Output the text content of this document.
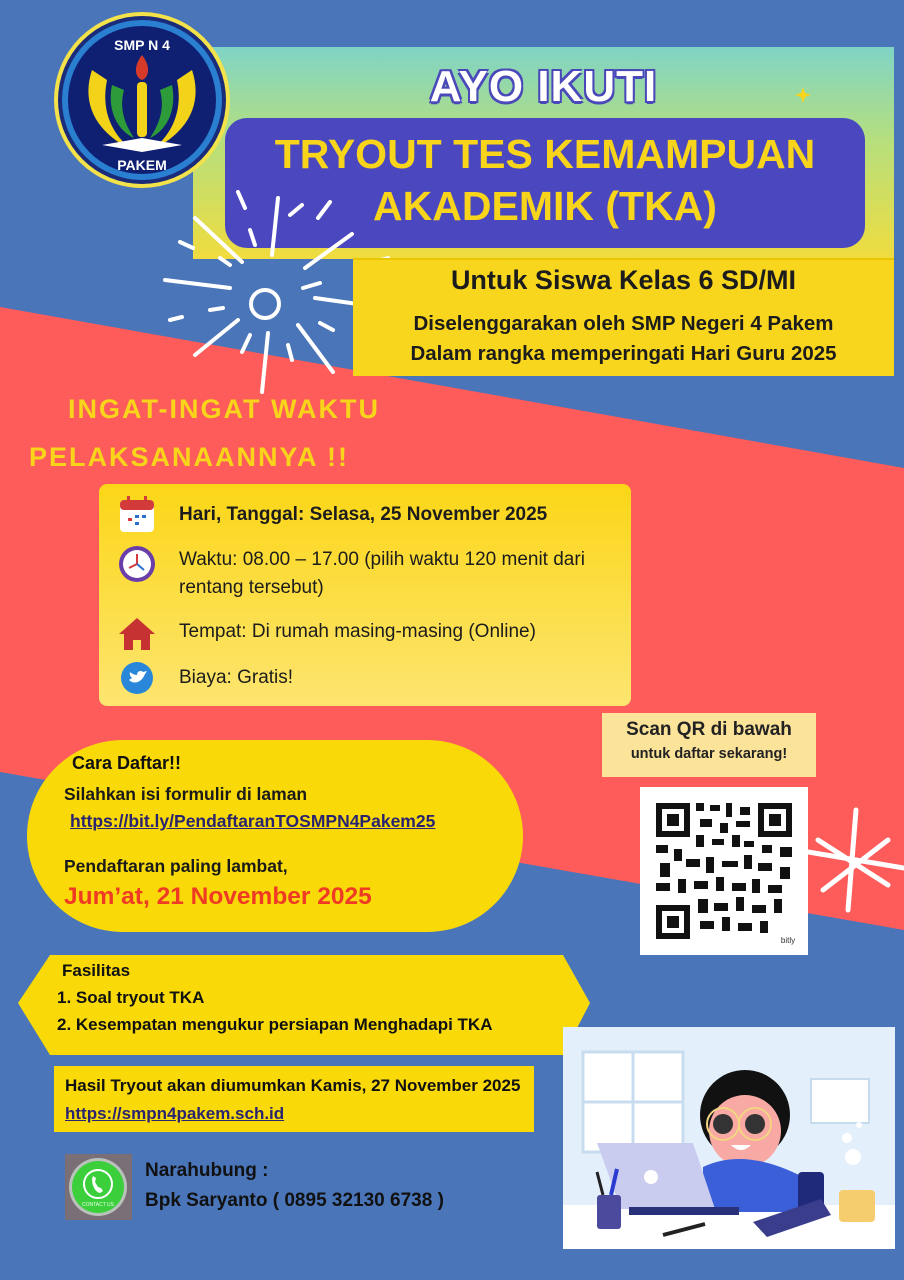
AYO IKUTI
TRYOUT TES KEMAMPUAN
AKADEMIK (TKA)
SMP N 4
PAKEM
Untuk Siswa Kelas 6 SD/MI
Diselenggarakan oleh SMP Negeri 4 Pakem
Dalam rangka memperingati Hari Guru 2025
INGAT-INGAT WAKTU
PELAKSANAANNYA !!
Hari, Tanggal: Selasa, 25 November 2025
Waktu: 08.00 – 17.00 (pilih waktu 120 menit dari rentang tersebut)
Tempat: Di rumah masing-masing (Online)
Biaya: Gratis!
Cara Daftar!!
Silahkan isi formulir di laman
https://bit.ly/PendaftaranTOSMPN4Pakem25
Pendaftaran paling lambat,
Jum’at, 21 November 2025
Scan QR di bawah
untuk daftar sekarang!
bitly
Fasilitas
1. Soal tryout TKA
2. Kesempatan mengukur persiapan Menghadapi TKA
Hasil Tryout akan diumumkan Kamis, 27 November 2025
https://smpn4pakem.sch.id
CONTACT US
Narahubung :
Bpk Saryanto ( 0895 32130 6738 )
